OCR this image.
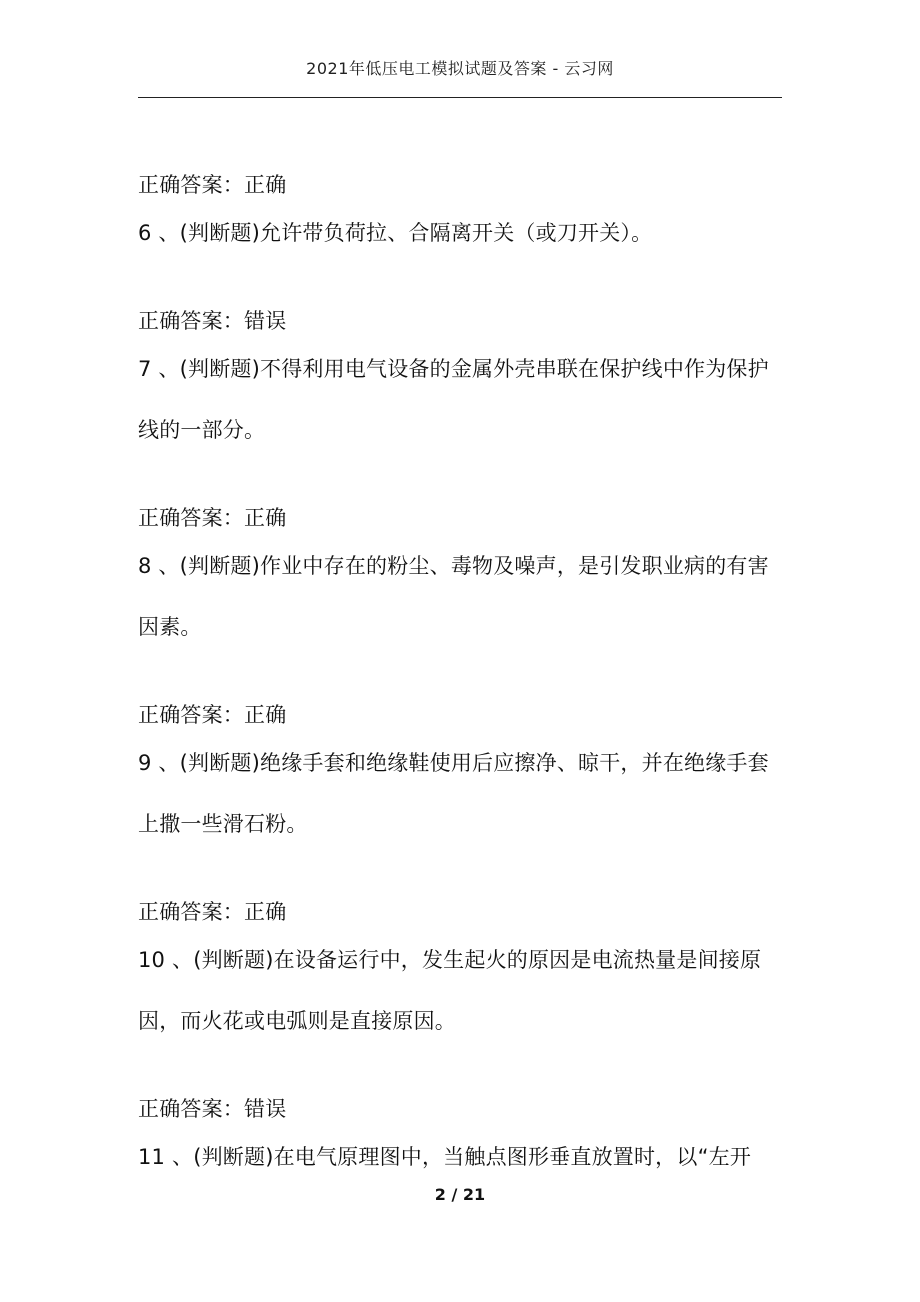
2021年低压电工模拟试题及答案 - 云习网
正确答案：正确
6 、(判断题)允许带负荷拉、合隔离开关（或刀开关）。
正确答案：错误
7 、(判断题)不得利用电气设备的金属外壳串联在保护线中作为保护
线的一部分。
正确答案：正确
8 、(判断题)作业中存在的粉尘、毒物及噪声，是引发职业病的有害
因素。
正确答案：正确
9 、(判断题)绝缘手套和绝缘鞋使用后应擦净、晾干，并在绝缘手套
上撒一些滑石粉。
正确答案：正确
10 、(判断题)在设备运行中，发生起火的原因是电流热量是间接原
因，而火花或电弧则是直接原因。
正确答案：错误
11 、(判断题)在电气原理图中，当触点图形垂直放置时，以“左开
2 / 21
